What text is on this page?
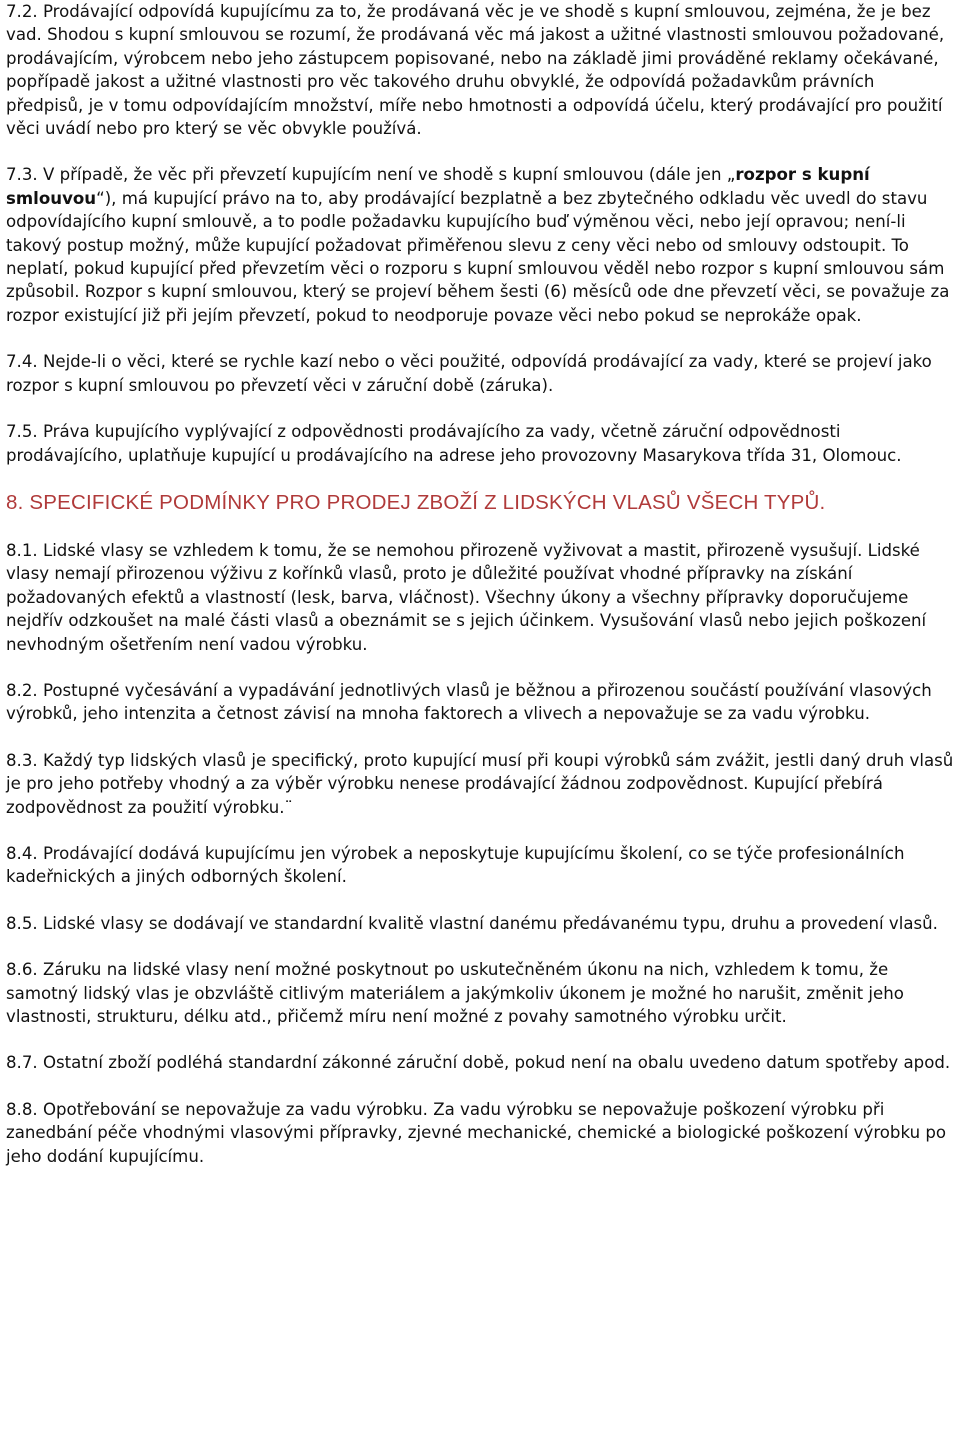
7.2. Prodávající odpovídá kupujícímu za to, že prodávaná věc je ve shodě s kupní smlouvou, zejména, že je bez vad. Shodou s kupní smlouvou se rozumí, že prodávaná věc má jakost a užitné vlastnosti smlouvou požadované, prodávajícím, výrobcem nebo jeho zástupcem popisované, nebo na základě jimi prováděné reklamy očekávané, popřípadě jakost a užitné vlastnosti pro věc takového druhu obvyklé, že odpovídá požadavkům právních předpisů, je v tomu odpovídajícím množství, míře nebo hmotnosti a odpovídá účelu, který prodávající pro použití věci uvádí nebo pro který se věc obvykle používá.

7.3. V případě, že věc při převzetí kupujícím není ve shodě s kupní smlouvou (dále jen „rozpor s kupní smlouvou“), má kupující právo na to, aby prodávající bezplatně a bez zbytečného odkladu věc uvedl do stavu odpovídajícího kupní smlouvě, a to podle požadavku kupujícího buď výměnou věci, nebo její opravou; není-li takový postup možný, může kupující požadovat přiměřenou slevu z ceny věci nebo od smlouvy odstoupit. To neplatí, pokud kupující před převzetím věci o rozporu s kupní smlouvou věděl nebo rozpor s kupní smlouvou sám způsobil. Rozpor s kupní smlouvou, který se projeví během šesti (6) měsíců ode dne převzetí věci, se považuje za rozpor existující již při jejím převzetí, pokud to neodporuje povaze věci nebo pokud se neprokáže opak.

7.4. Nejde-li o věci, které se rychle kazí nebo o věci použité, odpovídá prodávající za vady, které se projeví jako rozpor s kupní smlouvou po převzetí věci v záruční době (záruka).

7.5. Práva kupujícího vyplývající z odpovědnosti prodávajícího za vady, včetně záruční odpovědnosti prodávajícího, uplatňuje kupující u prodávajícího na adrese jeho provozovny Masarykova třída 31, Olomouc.

8. SPECIFICKÉ PODMÍNKY PRO PRODEJ ZBOŽÍ Z LIDSKÝCH VLASŮ VŠECH TYPŮ.

8.1. Lidské vlasy se vzhledem k tomu, že se nemohou přirozeně vyživovat a mastit, přirozeně vysušují. Lidské vlasy nemají přirozenou výživu z kořínků vlasů, proto je důležité používat vhodné přípravky na získání požadovaných efektů a vlastností (lesk, barva, vláčnost). Všechny úkony a všechny přípravky doporučujeme nejdřív odzkoušet na malé části vlasů a obeznámit se s jejich účinkem. Vysušování vlasů nebo jejich poškození nevhodným ošetřením není vadou výrobku.

8.2. Postupné vyčesávání a vypadávání jednotlivých vlasů je běžnou a přirozenou součástí používání vlasových výrobků, jeho intenzita a četnost závisí na mnoha faktorech a vlivech a nepovažuje se za vadu výrobku.

8.3. Každý typ lidských vlasů je specifický, proto kupující musí při koupi výrobků sám zvážit, jestli daný druh vlasů je pro jeho potřeby vhodný a za výběr výrobku nenese prodávající žádnou zodpovědnost. Kupující přebírá zodpovědnost za použití výrobku.¨

8.4. Prodávající dodává kupujícímu jen výrobek a neposkytuje kupujícímu školení, co se týče profesionálních kadeřnických a jiných odborných školení.

8.5. Lidské vlasy se dodávají ve standardní kvalitě vlastní danému předávanému typu, druhu a provedení vlasů.

8.6. Záruku na lidské vlasy není možné poskytnout po uskutečněném úkonu na nich, vzhledem k tomu, že samotný lidský vlas je obzvláště citlivým materiálem a jakýmkoliv úkonem je možné ho narušit, změnit jeho vlastnosti, strukturu, délku atd., přičemž míru není možné z povahy samotného výrobku určit.

8.7. Ostatní zboží podléhá standardní zákonné záruční době, pokud není na obalu uvedeno datum spotřeby apod.

8.8. Opotřebování se nepovažuje za vadu výrobku. Za vadu výrobku se nepovažuje poškození výrobku při zanedbání péče vhodnými vlasovými přípravky, zjevné mechanické, chemické a biologické poškození výrobku po jeho dodání kupujícímu.
